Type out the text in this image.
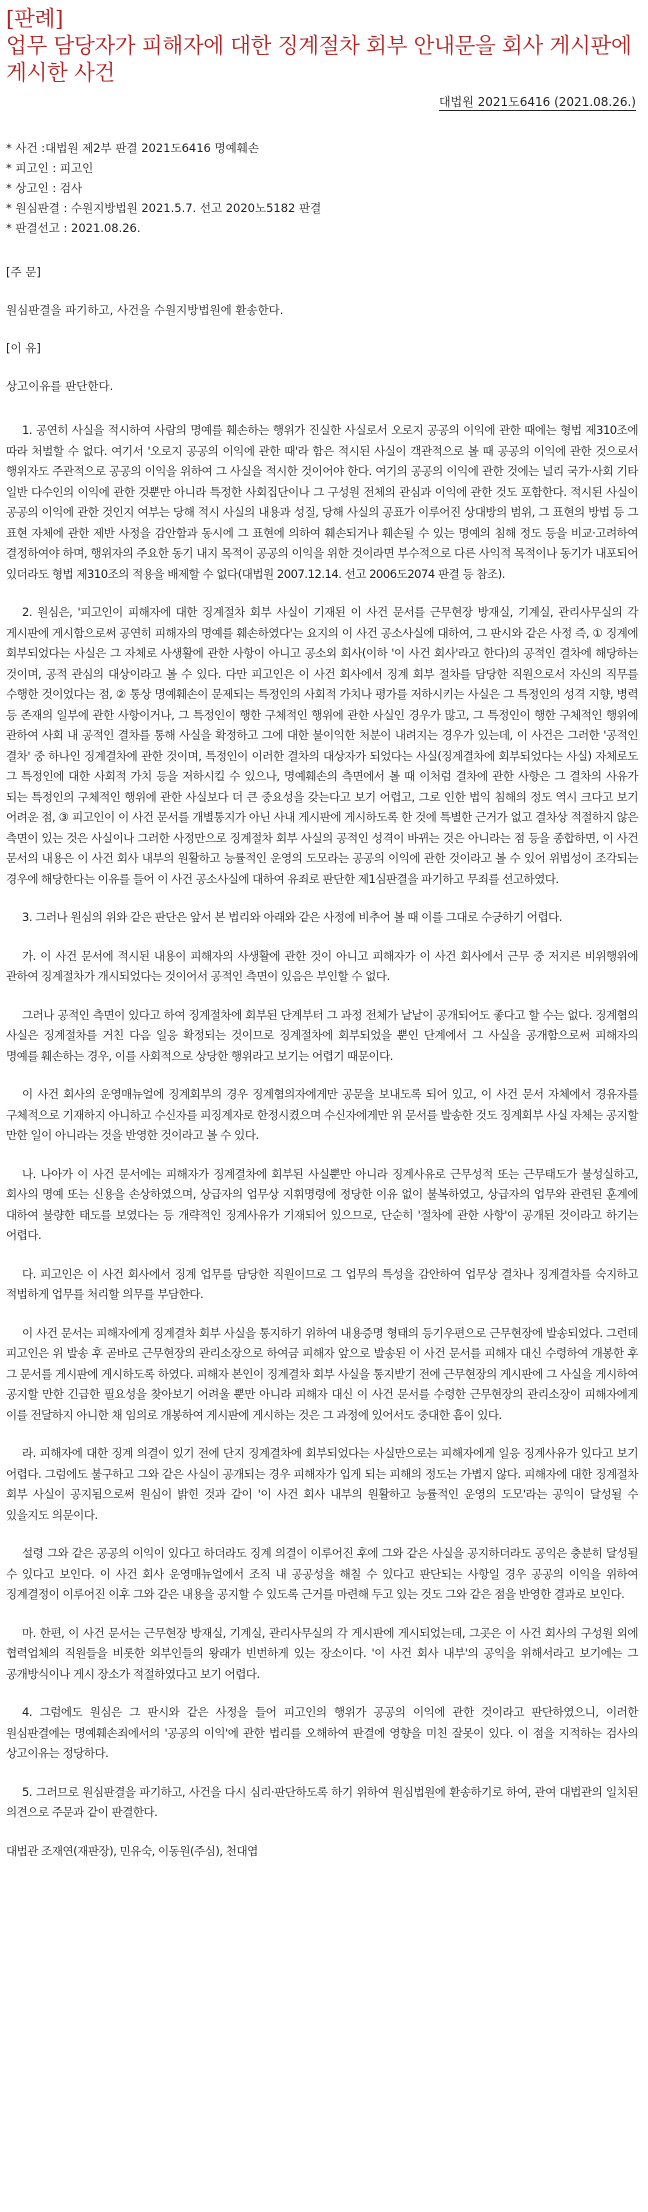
[판례]
업무 담당자가 피해자에 대한 징계절차 회부 안내문을 회사 게시판에 게시한 사건
대법원 2021도6416 (2021.08.26.)
* 사건 :대법원 제2부 판결 2021도6416 명예훼손
* 피고인 : 피고인
* 상고인 : 검사
* 원심판결 : 수원지방법원 2021.5.7. 선고 2020노5182 판결
* 판결선고 : 2021.08.26.
[주 문]
원심판결을 파기하고, 사건을 수원지방법원에 환송한다.
[이 유]
상고이유를 판단한다.

1. 공연히 사실을 적시하여 사람의 명예를 훼손하는 행위가 진실한 사실로서 오로지 공공의 이익에 관한 때에는 형법 제310조에 따라 처벌할 수 없다. 여기서 '오로지 공공의 이익에 관한 때'라 함은 적시된 사실이 객관적으로 볼 때 공공의 이익에 관한 것으로서 행위자도 주관적으로 공공의 이익을 위하여 그 사실을 적시한 것이어야 한다. 여기의 공공의 이익에 관한 것에는 널리 국가·사회 기타 일반 다수인의 이익에 관한 것뿐만 아니라 특정한 사회집단이나 그 구성원 전체의 관심과 이익에 관한 것도 포함한다. 적시된 사실이 공공의 이익에 관한 것인지 여부는 당해 적시 사실의 내용과 성질, 당해 사실의 공표가 이루어진 상대방의 범위, 그 표현의 방법 등 그 표현 자체에 관한 제반 사정을 감안함과 동시에 그 표현에 의하여 훼손되거나 훼손될 수 있는 명예의 침해 정도 등을 비교·고려하여 결정하여야 하며, 행위자의 주요한 동기 내지 목적이 공공의 이익을 위한 것이라면 부수적으로 다른 사익적 목적이나 동기가 내포되어 있더라도 형법 제310조의 적용을 배제할 수 없다(대법원 2007.12.14. 선고 2006도2074 판결 등 참조).

2. 원심은, '피고인이 피해자에 대한 징계절차 회부 사실이 기재된 이 사건 문서를 근무현장 방재실, 기계실, 관리사무실의 각 게시판에 게시함으로써 공연히 피해자의 명예를 훼손하였다'는 요지의 이 사건 공소사실에 대하여, 그 판시와 같은 사정 즉, ① 징계에 회부되었다는 사실은 그 자체로 사생활에 관한 사항이 아니고 공소외 회사(이하 '이 사건 회사'라고 한다)의 공적인 결차에 해당하는 것이며, 공적 관심의 대상이라고 볼 수 있다. 다만 피고인은 이 사건 회사에서 징계 회부 절차를 담당한 직원으로서 자신의 직무를 수행한 것이었다는 점, ② 통상 명예훼손이 문제되는 특정인의 사회적 가치나 평가를 저하시키는 사실은 그 특정인의 성격 지향, 병력 등 존재의 일부에 관한 사항이거나, 그 특정인이 행한 구체적인 행위에 관한 사실인 경우가 많고, 그 특정인이 행한 구체적인 행위에 관하여 사회 내 공적인 결차를 통해 사실을 확정하고 그에 대한 불이익한 처분이 내려지는 경우가 있는데, 이 사건은 그러한 '공적인 결차' 중 하나인 징계결차에 관한 것이며, 특정인이 이러한 결차의 대상자가 되었다는 사실(징계결차에 회부되었다는 사실) 자체로도 그 특정인에 대한 사회적 가치 등을 저하시킬 수 있으나, 명예훼손의 측면에서 볼 때 이처럼 결차에 관한 사항은 그 결차의 사유가 되는 특정인의 구체적인 행위에 관한 사실보다 더 큰 중요성을 갖는다고 보기 어렵고, 그로 인한 법익 침해의 정도 역시 크다고 보기 어려운 점, ③ 피고인이 이 사건 문서를 개별통지가 아닌 사내 게시판에 게시하도록 한 것에 특별한 근거가 없고 결차상 적절하지 않은 측면이 있는 것은 사실이나 그러한 사정만으로 징계절차 회부 사실의 공적인 성격이 바뀌는 것은 아니라는 점 등을 종합하면, 이 사건 문서의 내용은 이 사건 회사 내부의 원활하고 능률적인 운영의 도모라는 공공의 이익에 관한 것이라고 볼 수 있어 위법성이 조각되는 경우에 해당한다는 이유를 들어 이 사건 공소사실에 대하여 유죄로 판단한 제1심판결을 파기하고 무죄를 선고하였다.

3. 그러나 원심의 위와 같은 판단은 앞서 본 법리와 아래와 같은 사정에 비추어 볼 때 이를 그대로 수긍하기 어렵다.

가. 이 사건 문서에 적시된 내용이 피해자의 사생활에 관한 것이 아니고 피해자가 이 사건 회사에서 근무 중 저지른 비위행위에 관하여 징계절차가 개시되었다는 것이어서 공적인 측면이 있음은 부인할 수 없다.

그러나 공적인 측면이 있다고 하여 징계절차에 회부된 단계부터 그 과정 전체가 낱낱이 공개되어도 좋다고 할 수는 없다. 징계혐의 사실은 징계절차를 거친 다음 일응 확정되는 것이므로 징계절차에 회부되었을 뿐인 단계에서 그 사실을 공개함으로써 피해자의 명예를 훼손하는 경우, 이를 사회적으로 상당한 행위라고 보기는 어렵기 때문이다.

이 사건 회사의 운영매뉴얼에 징계회부의 경우 징계혐의자에게만 공문을 보내도록 되어 있고, 이 사건 문서 자체에서 경유자를 구체적으로 기재하지 아니하고 수신자를 피징계자로 한정시켰으며 수신자에게만 위 문서를 발송한 것도 징계회부 사실 자체는 공지할 만한 일이 아니라는 것을 반영한 것이라고 볼 수 있다.

나. 나아가 이 사건 문서에는 피해자가 징계결차에 회부된 사실뿐만 아니라 징계사유로 근무성적 또는 근무태도가 불성실하고, 회사의 명예 또는 신용을 손상하였으며, 상급자의 업무상 지휘명령에 정당한 이유 없이 불복하였고, 상급자의 업무와 관련된 훈계에 대하여 불량한 태도를 보였다는 등 개략적인 징계사유가 기재되어 있으므로, 단순히 '절차에 관한 사항'이 공개된 것이라고 하기는 어렵다.

다. 피고인은 이 사건 회사에서 징계 업무를 담당한 직원이므로 그 업무의 특성을 감안하여 업무상 결차나 징계결차를 숙지하고 적법하게 업무를 처리할 의무를 부담한다.

이 사건 문서는 피해자에게 징계결차 회부 사실을 통지하기 위하여 내용증명 형태의 등기우편으로 근무현장에 발송되었다. 그런데 피고인은 위 발송 후 곧바로 근무현장의 관리소장으로 하여금 피해자 앞으로 발송된 이 사건 문서를 피해자 대신 수령하여 개봉한 후 그 문서를 게시판에 게시하도록 하였다. 피해자 본인이 징계결차 회부 사실을 통지받기 전에 근무현장의 게시판에 그 사실을 게시하여 공지할 만한 긴급한 필요성을 찾아보기 어려울 뿐만 아니라 피해자 대신 이 사건 문서를 수령한 근무현장의 관리소장이 피해자에게 이를 전달하지 아니한 채 임의로 개봉하여 게시판에 게시하는 것은 그 과정에 있어서도 중대한 흠이 있다.

라. 피해자에 대한 징계 의결이 있기 전에 단지 징계결차에 회부되었다는 사실만으로는 피해자에게 일응 징계사유가 있다고 보기 어렵다. 그럼에도 불구하고 그와 같은 사실이 공개되는 경우 피해자가 입게 되는 피해의 정도는 가볍지 않다. 피해자에 대한 징계절차 회부 사실이 공지됨으로써 원심이 밝힌 것과 같이 '이 사건 회사 내부의 원활하고 능률적인 운영의 도모'라는 공익이 달성될 수 있을지도 의문이다.

설령 그와 같은 공공의 이익이 있다고 하더라도 징계 의결이 이루어진 후에 그와 같은 사실을 공지하더라도 공익은 충분히 달성될 수 있다고 보인다. 이 사건 회사 운영매뉴얼에서 조직 내 공공성을 해칠 수 있다고 판단되는 사항일 경우 공공의 이익을 위하여 징계결정이 이루어진 이후 그와 같은 내용을 공지할 수 있도록 근거를 마련해 두고 있는 것도 그와 같은 점을 반영한 결과로 보인다.

마. 한편, 이 사건 문서는 근무현장 방재실, 기계실, 관리사무실의 각 게시판에 게시되었는데, 그곳은 이 사건 회사의 구성원 외에 협력업체의 직원들을 비롯한 외부인들의 왕래가 빈번하게 있는 장소이다. '이 사건 회사 내부'의 공익을 위해서라고 보기에는 그 공개방식이나 게시 장소가 적절하였다고 보기 어렵다.

4. 그럼에도 원심은 그 판시와 같은 사정을 들어 피고인의 행위가 공공의 이익에 관한 것이라고 판단하였으니, 이러한 원심판결에는 명예훼손죄에서의 '공공의 이익'에 관한 법리를 오해하여 판결에 영향을 미친 잘못이 있다. 이 점을 지적하는 검사의 상고이유는 정당하다.

5. 그러므로 원심판결을 파기하고, 사건을 다시 심리·판단하도록 하기 위하여 원심법원에 환송하기로 하여, 관여 대법관의 일치된 의견으로 주문과 같이 판결한다.

대법관 조재연(재판장), 민유숙, 이동원(주심), 천대엽
